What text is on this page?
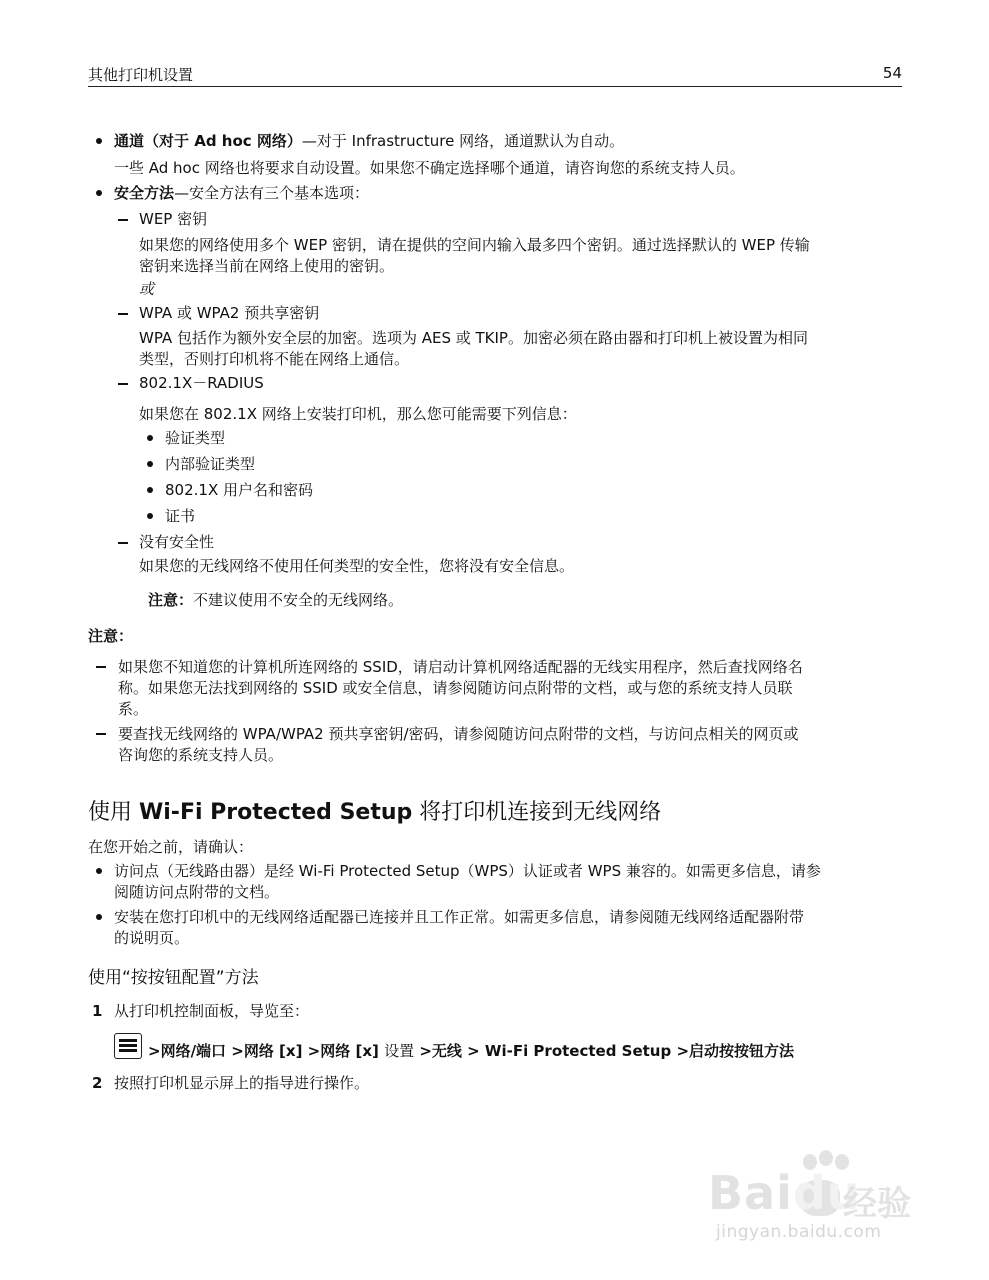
其他打印机设置	54
通道（对于 Ad hoc 网络）—对于 Infrastructure 网络，通道默认为自动。
一些 Ad hoc 网络也将要求自动设置。如果您不确定选择哪个通道，请咨询您的系统支持人员。
安全方法—安全方法有三个基本选项：
WEP 密钥
如果您的网络使用多个 WEP 密钥，请在提供的空间内输入最多四个密钥。通过选择默认的 WEP 传输
密钥来选择当前在网络上使用的密钥。
或
WPA 或 WPA2 预共享密钥
WPA 包括作为额外安全层的加密。选项为 AES 或 TKIP。加密必须在路由器和打印机上被设置为相同
类型，否则打印机将不能在网络上通信。
802.1X－RADIUS
如果您在 802.1X 网络上安装打印机，那么您可能需要下列信息：
验证类型
内部验证类型
802.1X 用户名和密码
证书
没有安全性
如果您的无线网络不使用任何类型的安全性，您将没有安全信息。
注意：不建议使用不安全的无线网络。
注意：
如果您不知道您的计算机所连网络的 SSID，请启动计算机网络适配器的无线实用程序，然后查找网络名
称。如果您无法找到网络的 SSID 或安全信息，请参阅随访问点附带的文档，或与您的系统支持人员联
系。
要查找无线网络的 WPA/WPA2 预共享密钥/密码，请参阅随访问点附带的文档，与访问点相关的网页或
咨询您的系统支持人员。
使用 Wi-Fi Protected Setup 将打印机连接到无线网络
在您开始之前，请确认：
访问点（无线路由器）是经 Wi-Fi Protected Setup（WPS）认证或者 WPS 兼容的。如需更多信息，请参
阅随访问点附带的文档。
安装在您打印机中的无线网络适配器已连接并且工作正常。如需更多信息，请参阅随无线网络适配器附带
的说明页。
使用“按按钮配置”方法
1 从打印机控制面板，导览至：
>网络/端口 >网络 [x] >网络 [x] 设置 >无线 > Wi-Fi Protected Setup >启动按按钮方法
2 按照打印机显示屏上的指导进行操作。
Baidu
经验
jingyan.baidu.com
